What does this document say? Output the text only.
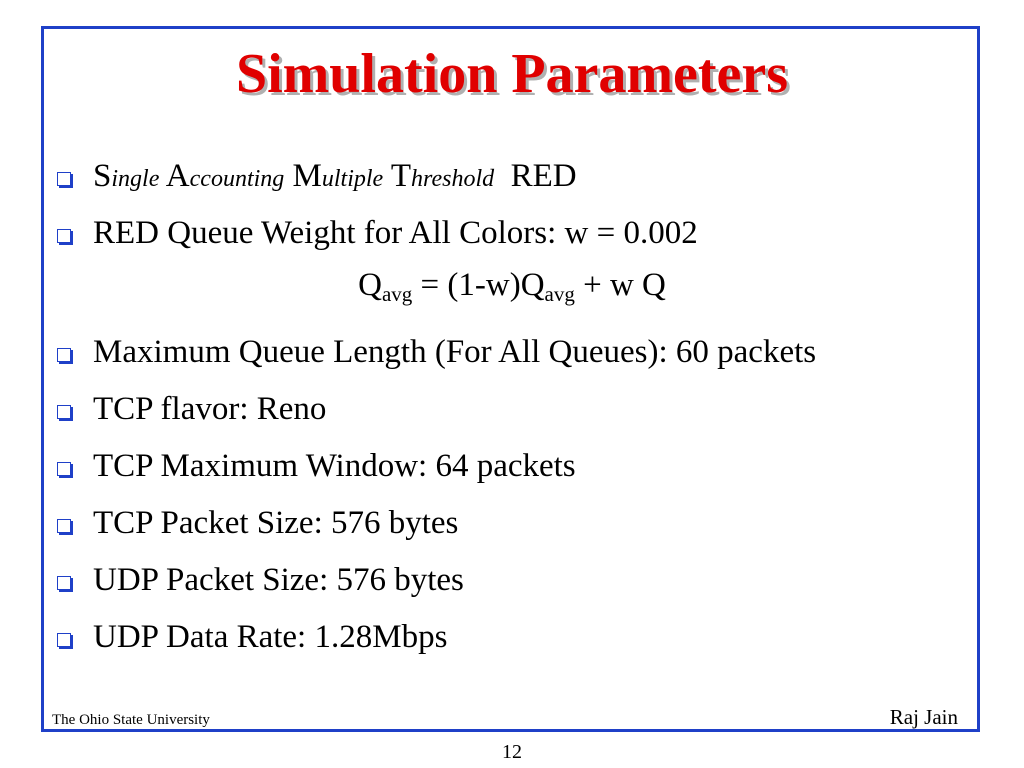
Simulation Parameters
Single Accounting Multiple Threshold RED
RED Queue Weight for All Colors: w = 0.002
Maximum Queue Length (For All Queues): 60 packets
TCP flavor: Reno
TCP Maximum Window: 64 packets
TCP Packet Size: 576 bytes
UDP Packet Size: 576 bytes
UDP Data Rate: 1.28Mbps
$Q_{avg} = (1-w)Q_{avg} + w$ Q
The Ohio State University	Raj Jain
12
